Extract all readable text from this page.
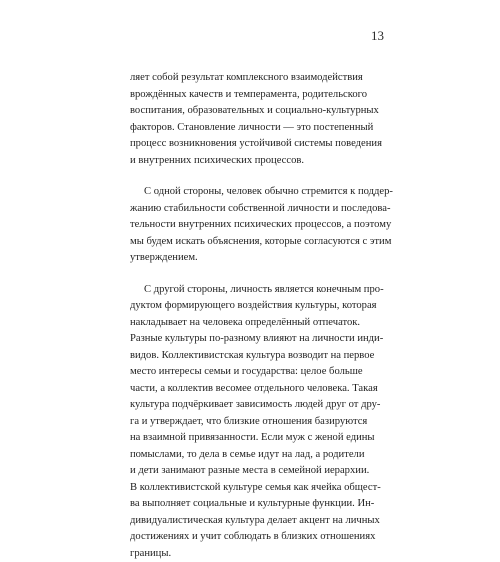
13

ляет собой результат комплексного взаимодействия
врождённых качеств и темперамента, родительского
воспитания, образовательных и социально-культурных
факторов. Становление личности — это постепенный
процесс возникновения устойчивой системы поведения
и внутренних психических процессов.

С одной стороны, человек обычно стремится к поддер-
жанию стабильности собственной личности и последова-
тельности внутренних психических процессов, а поэтому
мы будем искать объяснения, которые согласуются с этим
утверждением.

С другой стороны, личность является конечным про-
дуктом формирующего воздействия культуры, которая
накладывает на человека определённый отпечаток.
Разные культуры по-разному влияют на личности инди-
видов. Коллективистская культура возводит на первое
место интересы семьи и государства: целое больше
части, а коллектив весомее отдельного человека. Такая
культура подчёркивает зависимость людей друг от дру-
га и утверждает, что близкие отношения базируются
на взаимной привязанности. Если муж с женой едины
помыслами, то дела в семье идут на лад, а родители
и дети занимают разные места в семейной иерархии.
В коллективистской культуре семья как ячейка общест-
ва выполняет социальные и культурные функции. Ин-
дивидуалистическая культура делает акцент на личных
достижениях и учит соблюдать в близких отношениях
границы.
